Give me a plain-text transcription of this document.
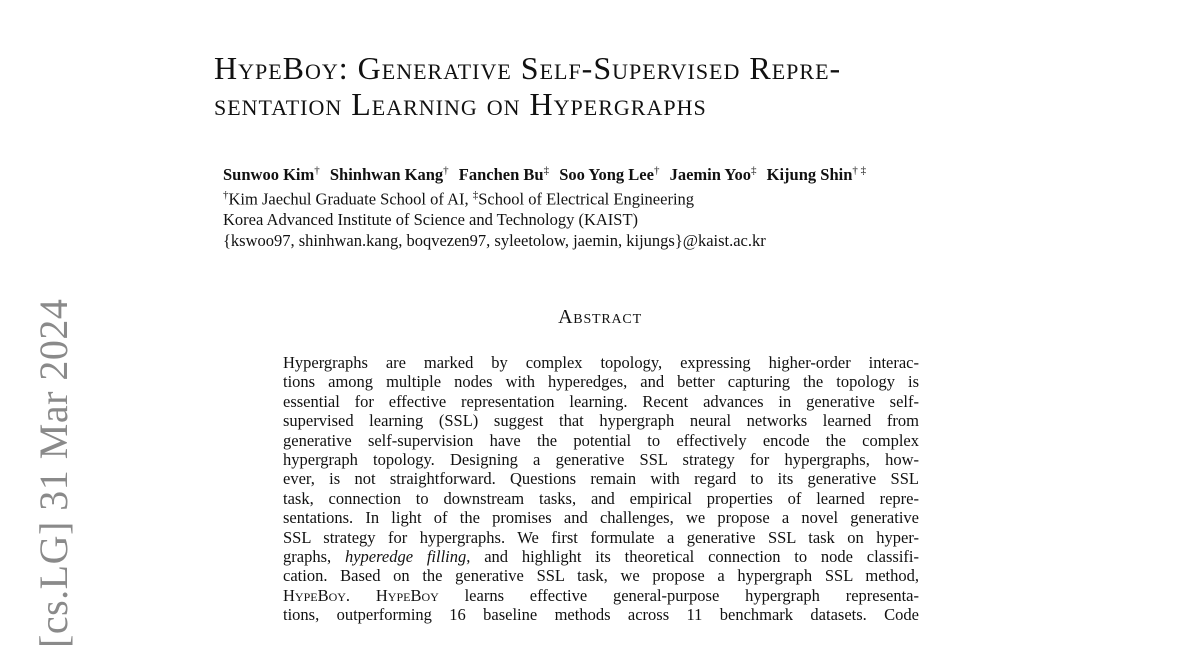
[cs.LG] 31 Mar 2024
HypeBoy: Generative Self-Supervised Repre-
sentation Learning on Hypergraphs
Sunwoo Kim† Shinhwan Kang† Fanchen Bu‡ Soo Yong Lee† Jaemin Yoo‡ Kijung Shin† ‡
†Kim Jaechul Graduate School of AI, ‡School of Electrical Engineering
Korea Advanced Institute of Science and Technology (KAIST)
{kswoo97, shinhwan.kang, boqvezen97, syleetolow, jaemin, kijungs}@kaist.ac.kr
Abstract
Hypergraphs are marked by complex topology, expressing higher-order interac-
tions among multiple nodes with hyperedges, and better capturing the topology is
essential for effective representation learning. Recent advances in generative self-
supervised learning (SSL) suggest that hypergraph neural networks learned from
generative self-supervision have the potential to effectively encode the complex
hypergraph topology. Designing a generative SSL strategy for hypergraphs, how-
ever, is not straightforward. Questions remain with regard to its generative SSL
task, connection to downstream tasks, and empirical properties of learned repre-
sentations. In light of the promises and challenges, we propose a novel generative
SSL strategy for hypergraphs. We first formulate a generative SSL task on hyper-
graphs, hyperedge filling, and highlight its theoretical connection to node classifi-
cation. Based on the generative SSL task, we propose a hypergraph SSL method,
HypeBoy. HypeBoy learns effective general-purpose hypergraph representa-
tions, outperforming 16 baseline methods across 11 benchmark datasets. Code
